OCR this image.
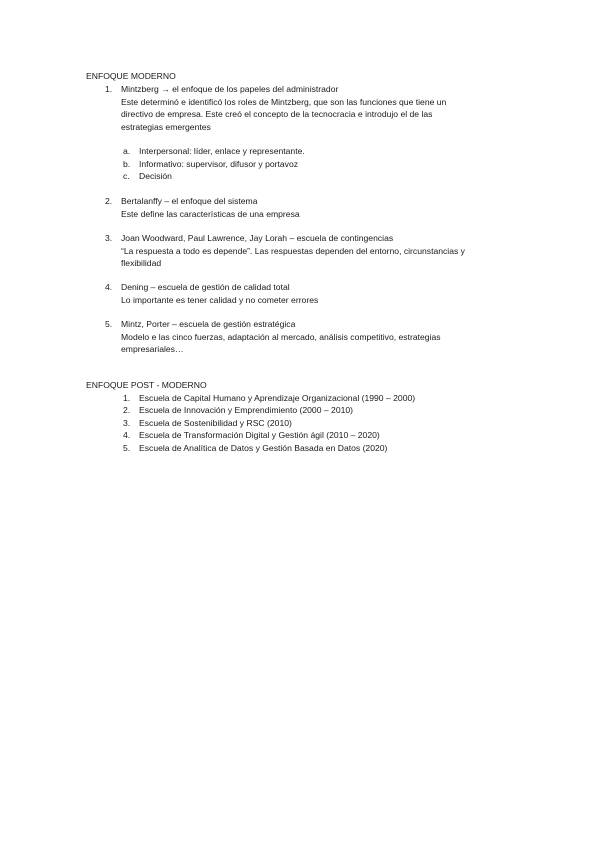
ENFOQUE MODERNO
1. Mintzberg → el enfoque de los papeles del administrador
Este determinó e identificó los roles de Mintzberg, que son las funciones que tiene un
directivo de empresa. Este creó el concepto de la tecnocracia e introdujo el de las
estrategias emergentes
a. Interpersonal: líder, enlace y representante.
b. Informativo: supervisor, difusor y portavoz
c. Decisión
2. Bertalanffy – el enfoque del sistema
Este define las características de una empresa
3. Joan Woodward, Paul Lawrence, Jay Lorah – escuela de contingencias
“La respuesta a todo es depende”. Las respuestas dependen del entorno, circunstancias y
flexibilidad
4. Dening – escuela de gestión de calidad total
Lo importante es tener calidad y no cometer errores
5. Mintz, Porter – escuela de gestión estratégica
Modelo e las cinco fuerzas, adaptación al mercado, análisis competitivo, estrategias
empresariales…
ENFOQUE POST - MODERNO
1. Escuela de Capital Humano y Aprendizaje Organizacional (1990 – 2000)
2. Escuela de Innovación y Emprendimiento (2000 – 2010)
3. Escuela de Sostenibilidad y RSC (2010)
4. Escuela de Transformación Digital y Gestión ágil (2010 – 2020)
5. Escuela de Analítica de Datos y Gestión Basada en Datos (2020)
